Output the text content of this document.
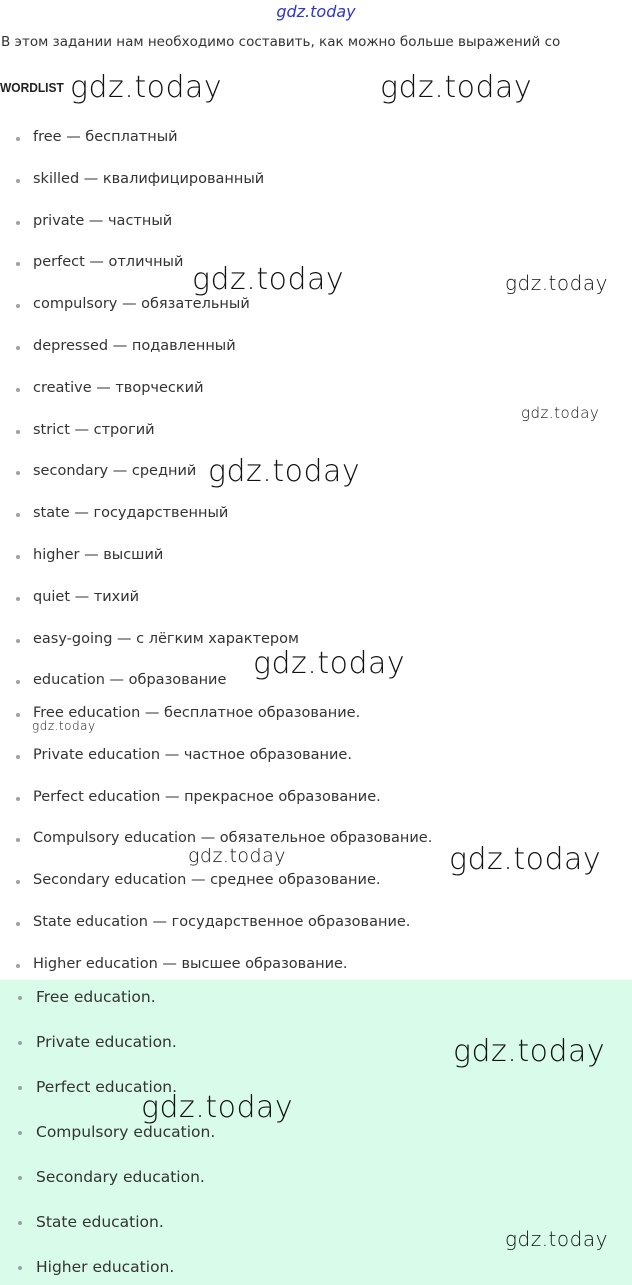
gdz.today
В этом задании нам необходимо составить, как можно больше выражений со
WORDLIST
free — бесплатный
skilled — квалифицированный
private — частный
perfect — отличный
compulsory — обязательный
depressed — подавленный
creative — творческий
strict — строгий
secondary — средний
state — государственный
higher — высший
quiet — тихий
easy-going — с лёгким характером
education — образование
Free education — бесплатное образование.
Private education — частное образование.
Perfect education — прекрасное образование.
Compulsory education — обязательное образование.
Secondary education — среднее образование.
State education — государственное образование.
Higher education — высшее образование.
Free education.
Private education.
Perfect education.
Compulsory education.
Secondary education.
State education.
Higher education.
gdz.today	gdz.today
gdz.today	gdz.today
gdz.today
gdz.today
gdz.today
gdz.today
gdz.today	gdz.today
gdz.today
gdz.today
gdz.today
